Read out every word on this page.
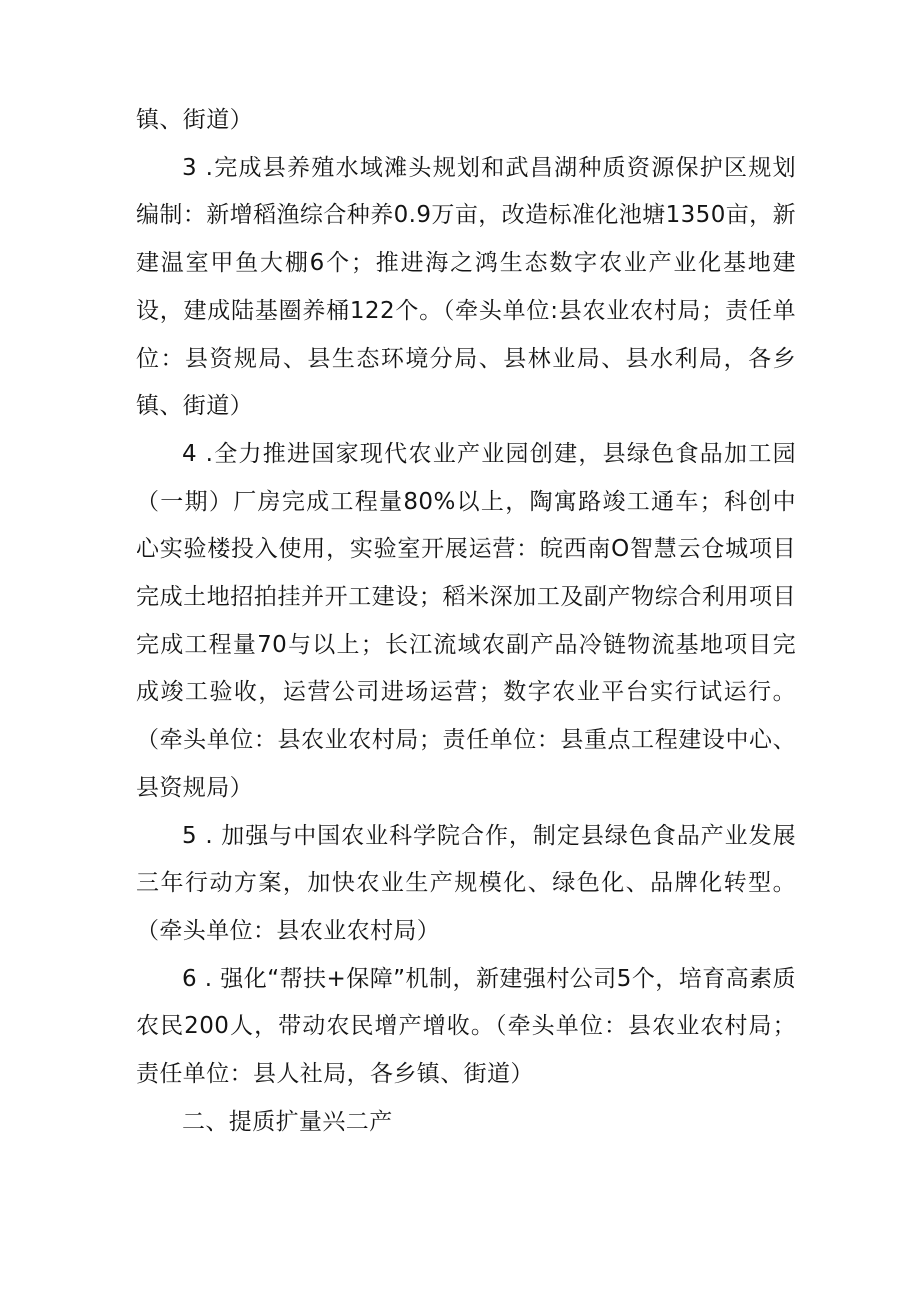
镇、街道）

3 .完成县养殖水域滩头规划和武昌湖种质资源保护区规划编制：新增稻渔综合种养0.9万亩，改造标准化池塘1350亩，新建温室甲鱼大棚6个；推进海之鸿生态数字农业产业化基地建设，建成陆基圈养桶122个。（牵头单位:县农业农村局；责任单位：县资规局、县生态环境分局、县林业局、县水利局，各乡镇、街道）

4 .全力推进国家现代农业产业园创建，县绿色食品加工园（一期）厂房完成工程量80%以上，陶寓路竣工通车；科创中心实验楼投入使用，实验室开展运营：皖西南O智慧云仓城项目完成土地招拍挂并开工建设；稻米深加工及副产物综合利用项目完成工程量70与以上；长江流域农副产品冷链物流基地项目完成竣工验收，运营公司进场运营；数字农业平台实行试运行。（牵头单位：县农业农村局；责任单位：县重点工程建设中心、县资规局）

5 . 加强与中国农业科学院合作，制定县绿色食品产业发展三年行动方案，加快农业生产规模化、绿色化、品牌化转型。（牵头单位：县农业农村局）

6 . 强化“帮扶+保障”机制，新建强村公司5个，培育高素质农民200人，带动农民增产增收。（牵头单位：县农业农村局；责任单位：县人社局，各乡镇、街道）

二、提质扩量兴二产
